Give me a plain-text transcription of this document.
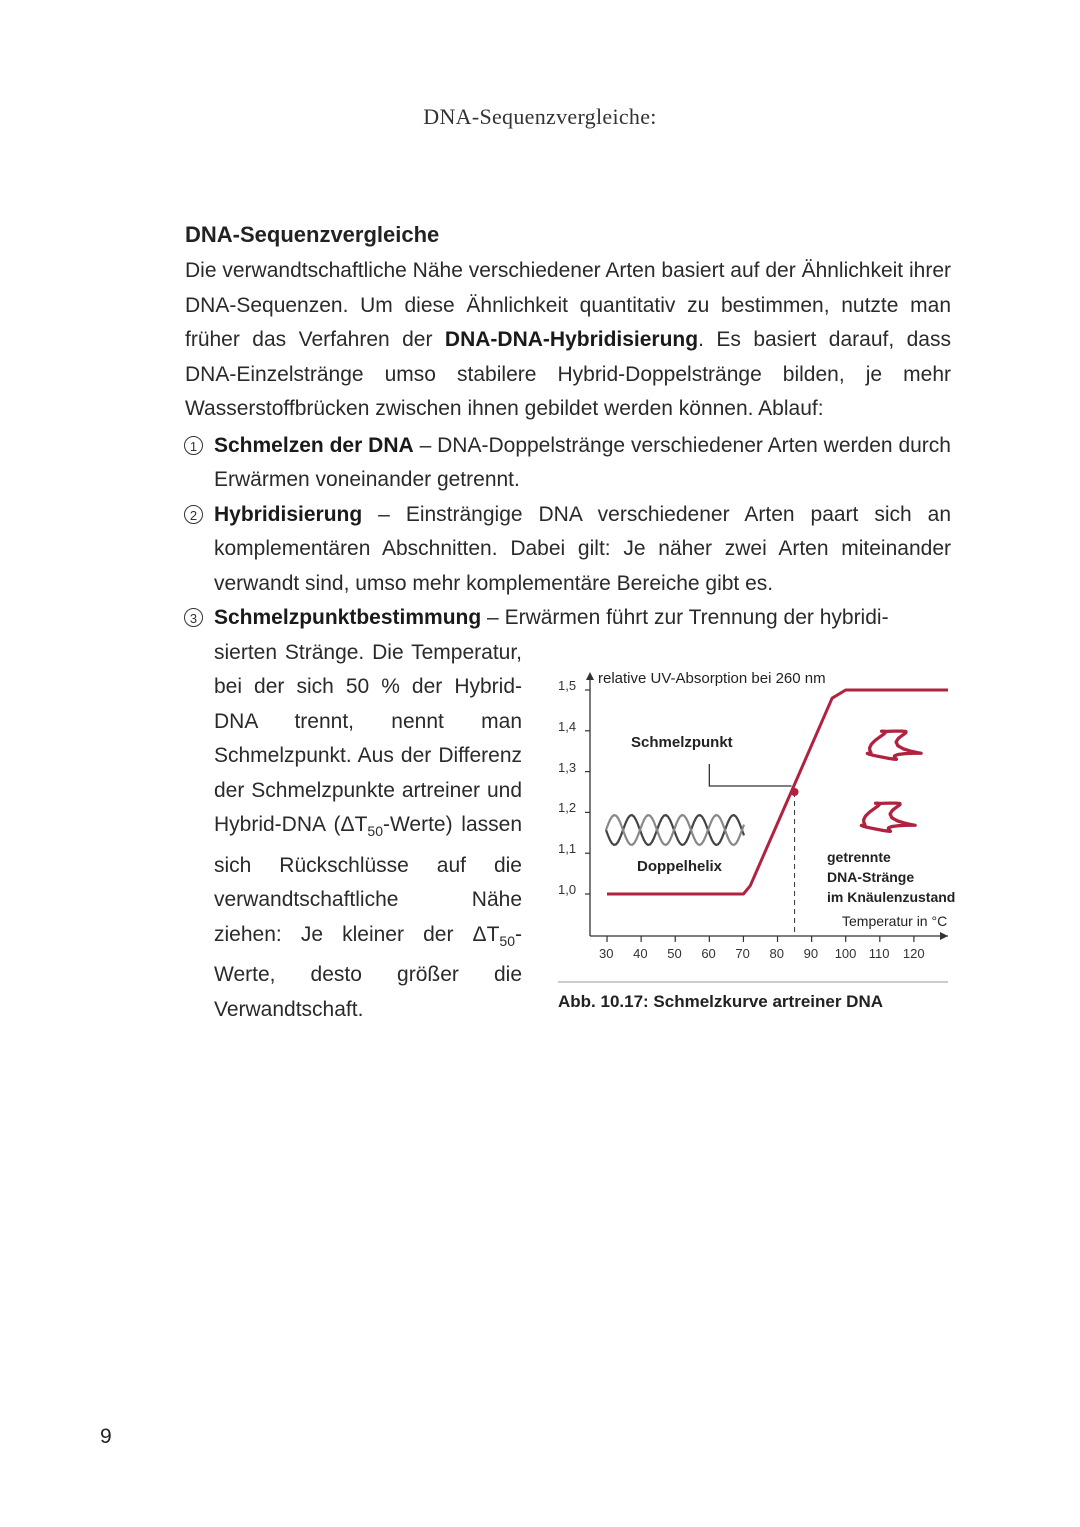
DNA-Sequenzvergleiche:
DNA-Sequenzvergleiche

Die verwandtschaftliche Nähe verschiedener Arten basiert auf der Ähnlichkeit ihrer DNA-Sequenzen. Um diese Ähnlichkeit quantitativ zu bestimmen, nutzte man früher das Verfahren der DNA-DNA-Hybridisierung. Es basiert darauf, dass DNA-Einzelstränge umso stabilere Hybrid-Doppelstränge bilden, je mehr Wasserstoffbrücken zwischen ihnen gebildet werden können. Ablauf:

1 Schmelzen der DNA – DNA-Doppelstränge verschiedener Arten werden durch Erwärmen voneinander getrennt.
2 Hybridisierung – Einsträngige DNA verschiedener Arten paart sich an komplementären Abschnitten. Dabei gilt: Je näher zwei Arten miteinander verwandt sind, umso mehr komplementäre Bereiche gibt es.
3 Schmelzpunktbestimmung – Erwärmen führt zur Trennung der hybridi-
sierten Stränge. Die Temperatur, bei der sich 50 % der Hybrid-DNA trennt, nennt man Schmelzpunkt. Aus der Differenz der Schmelzpunkte artreiner und Hybrid-DNA $(\Delta T_{50}-Werte)$ lassen sich Rückschlüsse auf die verwandtschaftliche Nähe ziehen: Je kleiner der $\Delta T_{50}$-Werte, desto größer die Verwandtschaft.
relative UV-Absorption bei 260 nm
Temperatur in °C
Schmelzpunkt
Doppelhelix
getrennte
DNA-Stränge
im Knäulenzustand
1,0
1,1
1,2
1,3
1,4
1,5
30 40 50 60 70 80 90 100 110 120
Abb. 10.17: Schmelzkurve artreiner DNA
9
